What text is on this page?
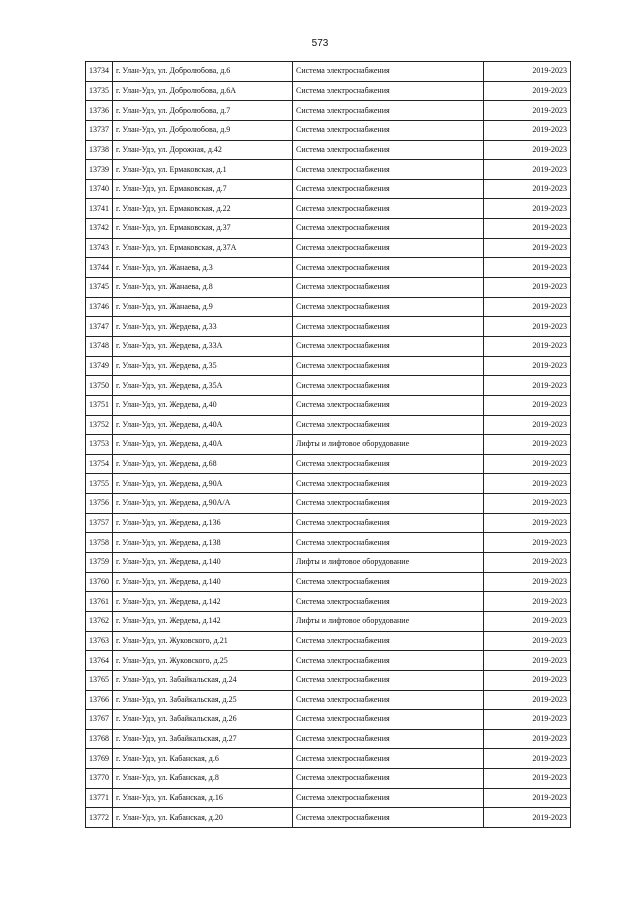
573
13734	г. Улан-Удэ, ул. Добролюбова, д.6	Система электроснабжения	2019-2023
13735	г. Улан-Удэ, ул. Добролюбова, д.6А	Система электроснабжения	2019-2023
13736	г. Улан-Удэ, ул. Добролюбова, д.7	Система электроснабжения	2019-2023
13737	г. Улан-Удэ, ул. Добролюбова, д.9	Система электроснабжения	2019-2023
13738	г. Улан-Удэ, ул. Дорожная, д.42	Система электроснабжения	2019-2023
13739	г. Улан-Удэ, ул. Ермаковская, д.1	Система электроснабжения	2019-2023
13740	г. Улан-Удэ, ул. Ермаковская, д.7	Система электроснабжения	2019-2023
13741	г. Улан-Удэ, ул. Ермаковская, д.22	Система электроснабжения	2019-2023
13742	г. Улан-Удэ, ул. Ермаковская, д.37	Система электроснабжения	2019-2023
13743	г. Улан-Удэ, ул. Ермаковская, д.37А	Система электроснабжения	2019-2023
13744	г. Улан-Удэ, ул. Жанаева, д.3	Система электроснабжения	2019-2023
13745	г. Улан-Удэ, ул. Жанаева, д.8	Система электроснабжения	2019-2023
13746	г. Улан-Удэ, ул. Жанаева, д.9	Система электроснабжения	2019-2023
13747	г. Улан-Удэ, ул. Жердева, д.33	Система электроснабжения	2019-2023
13748	г. Улан-Удэ, ул. Жердева, д.33А	Система электроснабжения	2019-2023
13749	г. Улан-Удэ, ул. Жердева, д.35	Система электроснабжения	2019-2023
13750	г. Улан-Удэ, ул. Жердева, д.35А	Система электроснабжения	2019-2023
13751	г. Улан-Удэ, ул. Жердева, д.40	Система электроснабжения	2019-2023
13752	г. Улан-Удэ, ул. Жердева, д.40А	Система электроснабжения	2019-2023
13753	г. Улан-Удэ, ул. Жердева, д.40А	Лифты и лифтовое оборудование	2019-2023
13754	г. Улан-Удэ, ул. Жердева, д.68	Система электроснабжения	2019-2023
13755	г. Улан-Удэ, ул. Жердева, д.90А	Система электроснабжения	2019-2023
13756	г. Улан-Удэ, ул. Жердева, д.90А/А	Система электроснабжения	2019-2023
13757	г. Улан-Удэ, ул. Жердева, д.136	Система электроснабжения	2019-2023
13758	г. Улан-Удэ, ул. Жердева, д.138	Система электроснабжения	2019-2023
13759	г. Улан-Удэ, ул. Жердева, д.140	Лифты и лифтовое оборудование	2019-2023
13760	г. Улан-Удэ, ул. Жердева, д.140	Система электроснабжения	2019-2023
13761	г. Улан-Удэ, ул. Жердева, д.142	Система электроснабжения	2019-2023
13762	г. Улан-Удэ, ул. Жердева, д.142	Лифты и лифтовое оборудование	2019-2023
13763	г. Улан-Удэ, ул. Жуковского, д.21	Система электроснабжения	2019-2023
13764	г. Улан-Удэ, ул. Жуковского, д.25	Система электроснабжения	2019-2023
13765	г. Улан-Удэ, ул. Забайкальская, д.24	Система электроснабжения	2019-2023
13766	г. Улан-Удэ, ул. Забайкальская, д.25	Система электроснабжения	2019-2023
13767	г. Улан-Удэ, ул. Забайкальская, д.26	Система электроснабжения	2019-2023
13768	г. Улан-Удэ, ул. Забайкальская, д.27	Система электроснабжения	2019-2023
13769	г. Улан-Удэ, ул. Кабанская, д.6	Система электроснабжения	2019-2023
13770	г. Улан-Удэ, ул. Кабанская, д.8	Система электроснабжения	2019-2023
13771	г. Улан-Удэ, ул. Кабанская, д.16	Система электроснабжения	2019-2023
13772	г. Улан-Удэ, ул. Кабанская, д.20	Система электроснабжения	2019-2023
